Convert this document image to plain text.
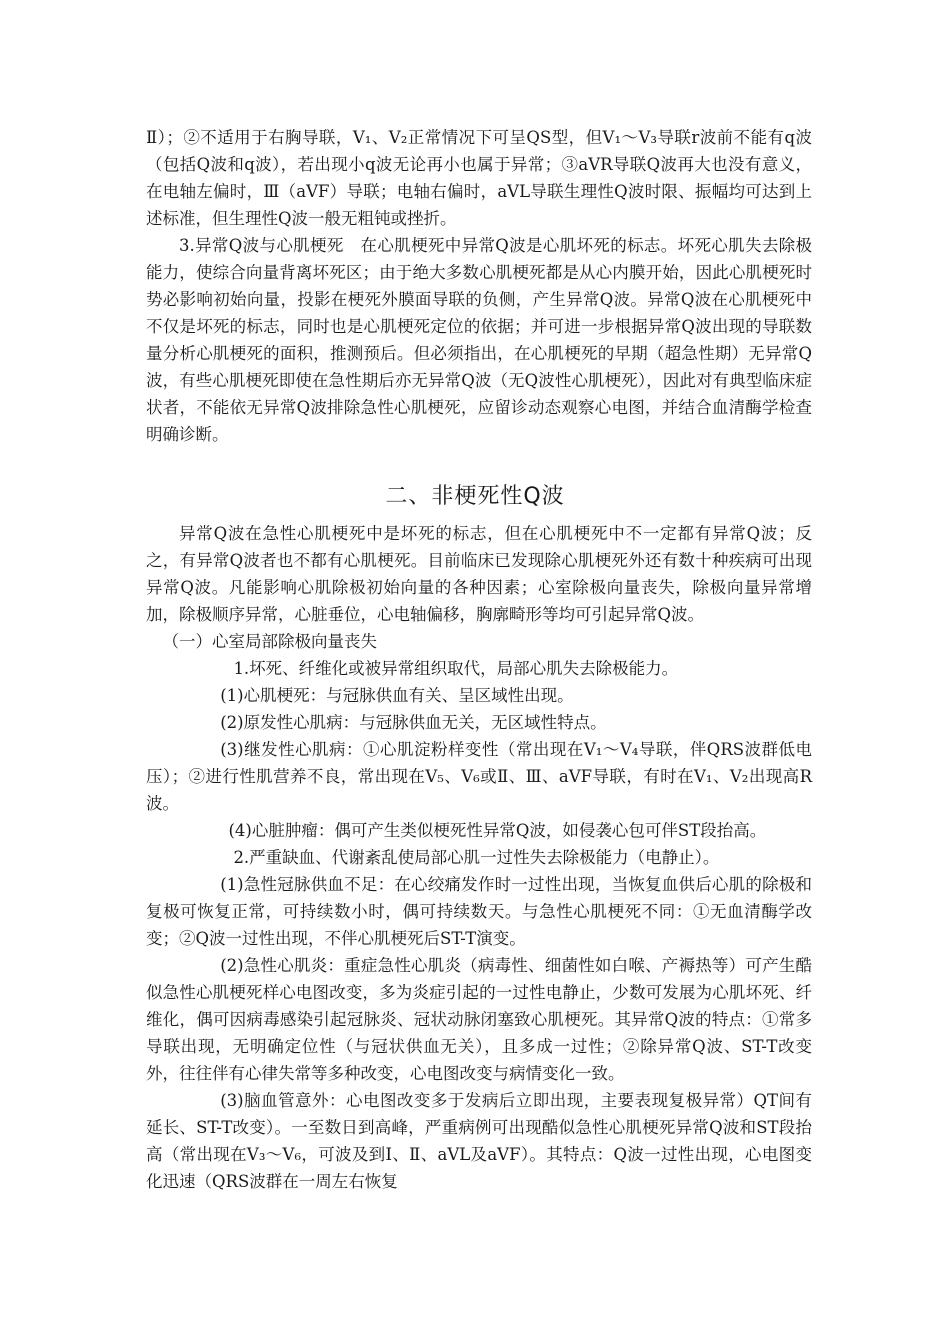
Ⅱ）；②不适用于右胸导联，V₁、V₂正常情况下可呈QS型，但V₁～V₃导联r波前不能有q波（包括Q波和q波），若出现小q波无论再小也属于异常；③aVR导联Q波再大也没有意义，在电轴左偏时，Ⅲ（aVF）导联；电轴右偏时，aVL导联生理性Q波时限、振幅均可达到上述标准，但生理性Q波一般无粗钝或挫折。

3.异常Q波与心肌梗死　在心肌梗死中异常Q波是心肌坏死的标志。坏死心肌失去除极能力，使综合向量背离坏死区；由于绝大多数心肌梗死都是从心内膜开始，因此心肌梗死时势必影响初始向量，投影在梗死外膜面导联的负侧，产生异常Q波。异常Q波在心肌梗死中不仅是坏死的标志，同时也是心肌梗死定位的依据；并可进一步根据异常Q波出现的导联数量分析心肌梗死的面积，推测预后。但必须指出，在心肌梗死的早期（超急性期）无异常Q波，有些心肌梗死即使在急性期后亦无异常Q波（无Q波性心肌梗死），因此对有典型临床症状者，不能依无异常Q波排除急性心肌梗死，应留诊动态观察心电图，并结合血清酶学检查明确诊断。

二、非梗死性Q波

异常Q波在急性心肌梗死中是坏死的标志，但在心肌梗死中不一定都有异常Q波；反之，有异常Q波者也不都有心肌梗死。目前临床已发现除心肌梗死外还有数十种疾病可出现异常Q波。凡能影响心肌除极初始向量的各种因素；心室除极向量丧失，除极向量异常增加，除极顺序异常，心脏垂位，心电轴偏移，胸廓畸形等均可引起异常Q波。

（一）心室局部除极向量丧失

1.坏死、纤维化或被异常组织取代，局部心肌失去除极能力。

(1)心肌梗死：与冠脉供血有关、呈区域性出现。

(2)原发性心肌病：与冠脉供血无关，无区域性特点。

(3)继发性心肌病：①心肌淀粉样变性（常出现在V₁～V₄导联，伴QRS波群低电压）；②进行性肌营养不良，常出现在V₅、V₆或Ⅱ、Ⅲ、aVF导联，有时在V₁、V₂出现高R波。

(4)心脏肿瘤：偶可产生类似梗死性异常Q波，如侵袭心包可伴ST段抬高。

2.严重缺血、代谢紊乱使局部心肌一过性失去除极能力（电静止）。

(1)急性冠脉供血不足：在心绞痛发作时一过性出现，当恢复血供后心肌的除极和复极可恢复正常，可持续数小时，偶可持续数天。与急性心肌梗死不同：①无血清酶学改变；②Q波一过性出现，不伴心肌梗死后ST-T演变。

(2)急性心肌炎：重症急性心肌炎（病毒性、细菌性如白喉、产褥热等）可产生酷似急性心肌梗死样心电图改变，多为炎症引起的一过性电静止，少数可发展为心肌坏死、纤维化，偶可因病毒感染引起冠脉炎、冠状动脉闭塞致心肌梗死。其异常Q波的特点：①常多导联出现，无明确定位性（与冠状供血无关），且多成一过性；②除异常Q波、ST-T改变外，往往伴有心律失常等多种改变，心电图改变与病情变化一致。

(3)脑血管意外：心电图改变多于发病后立即出现，主要表现复极异常）QT间有延长、ST-T改变）。一至数日到高峰，严重病例可出现酷似急性心肌梗死异常Q波和ST段抬高（常出现在V₃～V₆，可波及到Ⅰ、Ⅱ、aVL及aVF）。其特点：Q波一过性出现，心电图变化迅速（QRS波群在一周左右恢复
